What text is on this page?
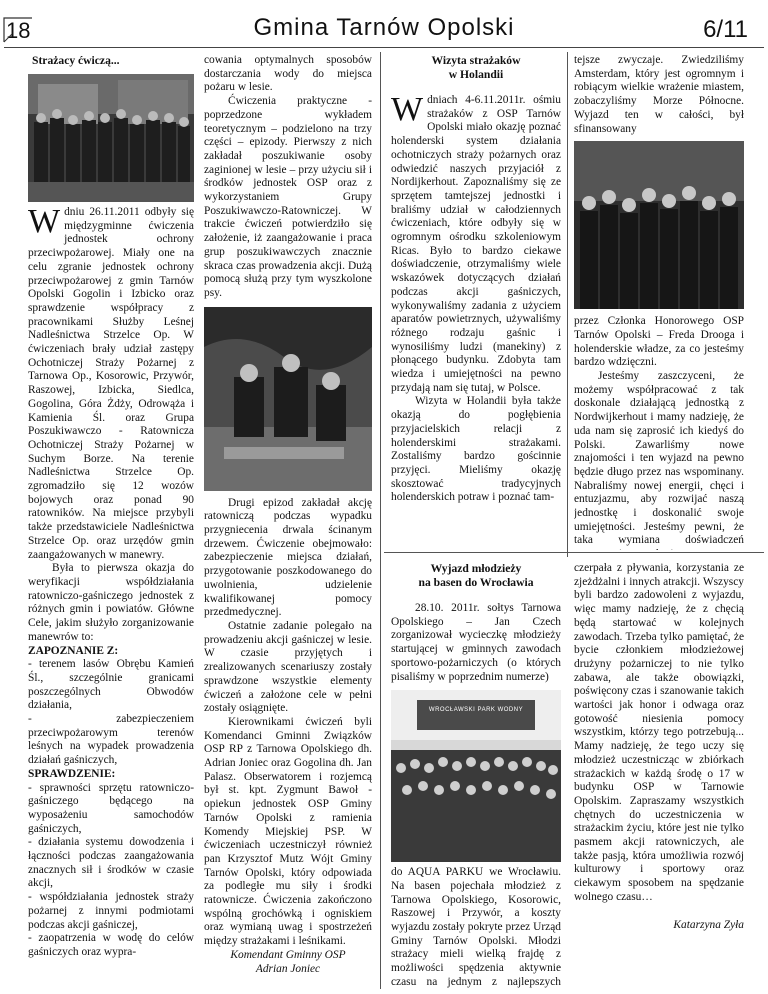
18	Gmina Tarnów Opolski	6/11

Strażacy ćwiczą...

Wdniu 26.11.2011 odbyły się międzygminne ćwiczenia jednostek ochrony przeciwpożarowej. Miały one na celu zgranie jednostek ochrony przeciwpożarowej z gmin Tarnów Opolski Gogolin i Izbicko oraz sprawdzenie współpracy z pracownikami Służby Leśnej Nadleśnictwa Strzelce Op. W ćwiczeniach brały udział zastępy Ochotniczej Straży Pożarnej z Tarnowa Op., Kosorowic, Przywór, Raszowej, Izbicka, Siedlca, Gogolina, Góra Żdży, Odrowąża i Kamienia Śl. oraz Grupa Poszukiwawczo - Ratownicza Ochotniczej Straży Pożarnej w Suchym Borze. Na terenie Nadleśnictwa Strzelce Op. zgromadziło się 12 wozów bojowych oraz ponad 90 ratowników. Na miejsce przybyli także przedstawiciele Nadleśnictwa Strzelce Op. oraz urzędów gmin zaangażowanych w manewry.

Była to pierwsza okazja do weryfikacji współdziałania ratowniczo-gaśniczego jednostek z różnych gmin i powiatów. Główne Cele, jakim służyło zorganizowanie manewrów to:

ZAPOZNANIE Z:

- terenem lasów Obrębu Kamień Śl., szczególnie granicami poszczególnych Obwodów działania,

- zabezpieczeniem przeciwpożarowym terenów leśnych na wypadek prowadzenia działań gaśniczych,

SPRAWDZENIE:

- sprawności sprzętu ratowniczo-gaśniczego będącego na wyposażeniu samochodów gaśniczych,

- działania systemu dowodzenia i łączności podczas zaangażowania znacznych sił i środków w czasie akcji,

- współdziałania jednostek straży pożarnej z innymi podmiotami podczas akcji gaśniczej,

- zaopatrzenia w wodę do celów gaśniczych oraz wypra-

cowania optymalnych sposobów dostarczania wody do miejsca pożaru w lesie.

Ćwiczenia praktyczne - poprzedzone wykładem teoretycznym – podzielono na trzy części – epizody. Pierwszy z nich zakładał poszukiwanie osoby zaginionej w lesie – przy użyciu sił i środków jednostek OSP oraz z wykorzystaniem Grupy Poszukiwawczo-Ratowniczej. W trakcie ćwiczeń potwierdziło się założenie, iż zaangażowanie i praca grup poszukiwawczych znacznie skraca czas prowadzenia akcji. Dużą pomocą służą przy tym wyszkolone psy.

Drugi epizod zakładał akcję ratowniczą podczas wypadku przygniecenia drwala ścinanym drzewem. Ćwiczenie obejmowało: zabezpieczenie miejsca działań, przygotowanie poszkodowanego do uwolnienia, udzielenie kwalifikowanej pomocy przedmedycznej.

Ostatnie zadanie polegało na prowadzeniu akcji gaśniczej w lesie. W czasie przyjętych i zrealizowanych scenariuszy zostały sprawdzone wszystkie elementy ćwiczeń a założone cele w pełni zostały osiągnięte.

Kierownikami ćwiczeń byli Komendanci Gminni Związków OSP RP z Tarnowa Opolskiego dh. Adrian Joniec oraz Gogolina dh. Jan Palasz. Obserwatorem i rozjemcą był st. kpt. Zygmunt Bawoł - opiekun jednostek OSP Gminy Tarnów Opolski z ramienia Komendy Miejskiej PSP. W ćwiczeniach uczestniczył również pan Krzysztof Mutz Wójt Gminy Tarnów Opolski, który odpowiada za podległe mu siły i środki ratownicze. Ćwiczenia zakończono wspólną grochówką i ogniskiem oraz wymianą uwag i spostrzeżeń między strażakami i leśnikami.

Komendant Gminny OSP

Adrian Joniec

Wizyta strażaków

w Holandii

Wdniach 4-6.11.2011r. ośmiu strażaków z OSP Tarnów Opolski miało okazję poznać holenderski system działania ochotniczych straży pożarnych oraz odwiedzić naszych przyjaciół z Nordijkerhout. Zapoznaliśmy się ze sprzętem tamtejszej jednostki i braliśmy udział w całodziennych ćwiczeniach, które odbyły się w ogromnym ośrodku szkoleniowym Ricas. Było to bardzo ciekawe doświadczenie, otrzymaliśmy wiele wskazówek dotyczących działań podczas akcji gaśniczych, wykonywaliśmy zadania z użyciem aparatów powietrznych, używaliśmy różnego rodzaju gaśnic i wynosiliśmy ludzi (manekiny) z płonącego budynku. Zdobyta tam wiedza i umiejętności na pewno przydają nam się tutaj, w Polsce.

Wizyta w Holandii była także okazją do pogłębienia przyjacielskich relacji z holenderskimi strażakami. Zostaliśmy bardzo gościnnie przyjęci. Mieliśmy okazję skosztować tradycyjnych holenderskich potraw i poznać tam-

tejsze zwyczaje. Zwiedziliśmy Amsterdam, który jest ogromnym i robiącym wielkie wrażenie miastem, zobaczyliśmy Morze Północne. Wyjazd ten w całości, był sfinansowany

przez Członka Honorowego OSP Tarnów Opolski – Freda Drooga i holenderskie władze, za co jesteśmy bardzo wdzięczni.

Jesteśmy zaszczyceni, że możemy współpracować z tak doskonale działającą jednostką z Nordwijkerhout i mamy nadzieję, że uda nam się zaprosić ich kiedyś do Polski. Zawarliśmy nowe znajomości i ten wyjazd na pewno będzie długo przez nas wspominany. Nabraliśmy nowej energii, chęci i entuzjazmu, aby rozwijać naszą jednostkę i doskonalić swoje umiejętności. Jesteśmy pewni, że taka wymiana doświadczeń

Wyjazd młodzieży

na basen do Wrocławia

28.10. 2011r. sołtys Tarnowa Opolskiego – Jan Czech zorganizował wycieczkę młodzieży startującej w gminnych zawodach sportowo-pożarniczych (o których pisaliśmy w poprzednim numerze)

WROCŁAWSKI PARK WODNY

do AQUA PARKU we Wrocławiu. Na basen pojechała młodzież z Tarnowa Opolskiego, Kosorowic, Raszowej i Przywór, a koszty wyjazdu zostały pokryte przez Urząd Gminy Tarnów Opolski. Młodzi strażacy mieli wielką frajdę z możliwości spędzenia aktywnie czasu na jednym z najlepszych

czerpała z pływania, korzystania ze zjeżdżalni i innych atrakcji. Wszyscy byli bardzo zadowoleni z wyjazdu, więc mamy nadzieję, że z chęcią będą startować w kolejnych zawodach. Trzeba tylko pamiętać, że bycie członkiem młodzieżowej drużyny pożarniczej to nie tylko zabawa, ale także obowiązki, poświęcony czas i szanowanie takich wartości jak honor i odwaga oraz gotowość niesienia pomocy wszystkim, którzy tego potrzebują... Mamy nadzieję, że tego uczy się młodzież uczestnicząc w zbiórkach strażackich w każdą środę o 17 w budynku OSP w Tarnowie Opolskim. Zapraszamy wszystkich chętnych do uczestniczenia w strażackim życiu, które jest nie tylko pasmem akcji ratowniczych, ale także pasją, która umożliwia rozwój kulturowy i sportowy oraz ciekawym sposobem na spędzanie wolnego czasu…

Katarzyna Zyła
